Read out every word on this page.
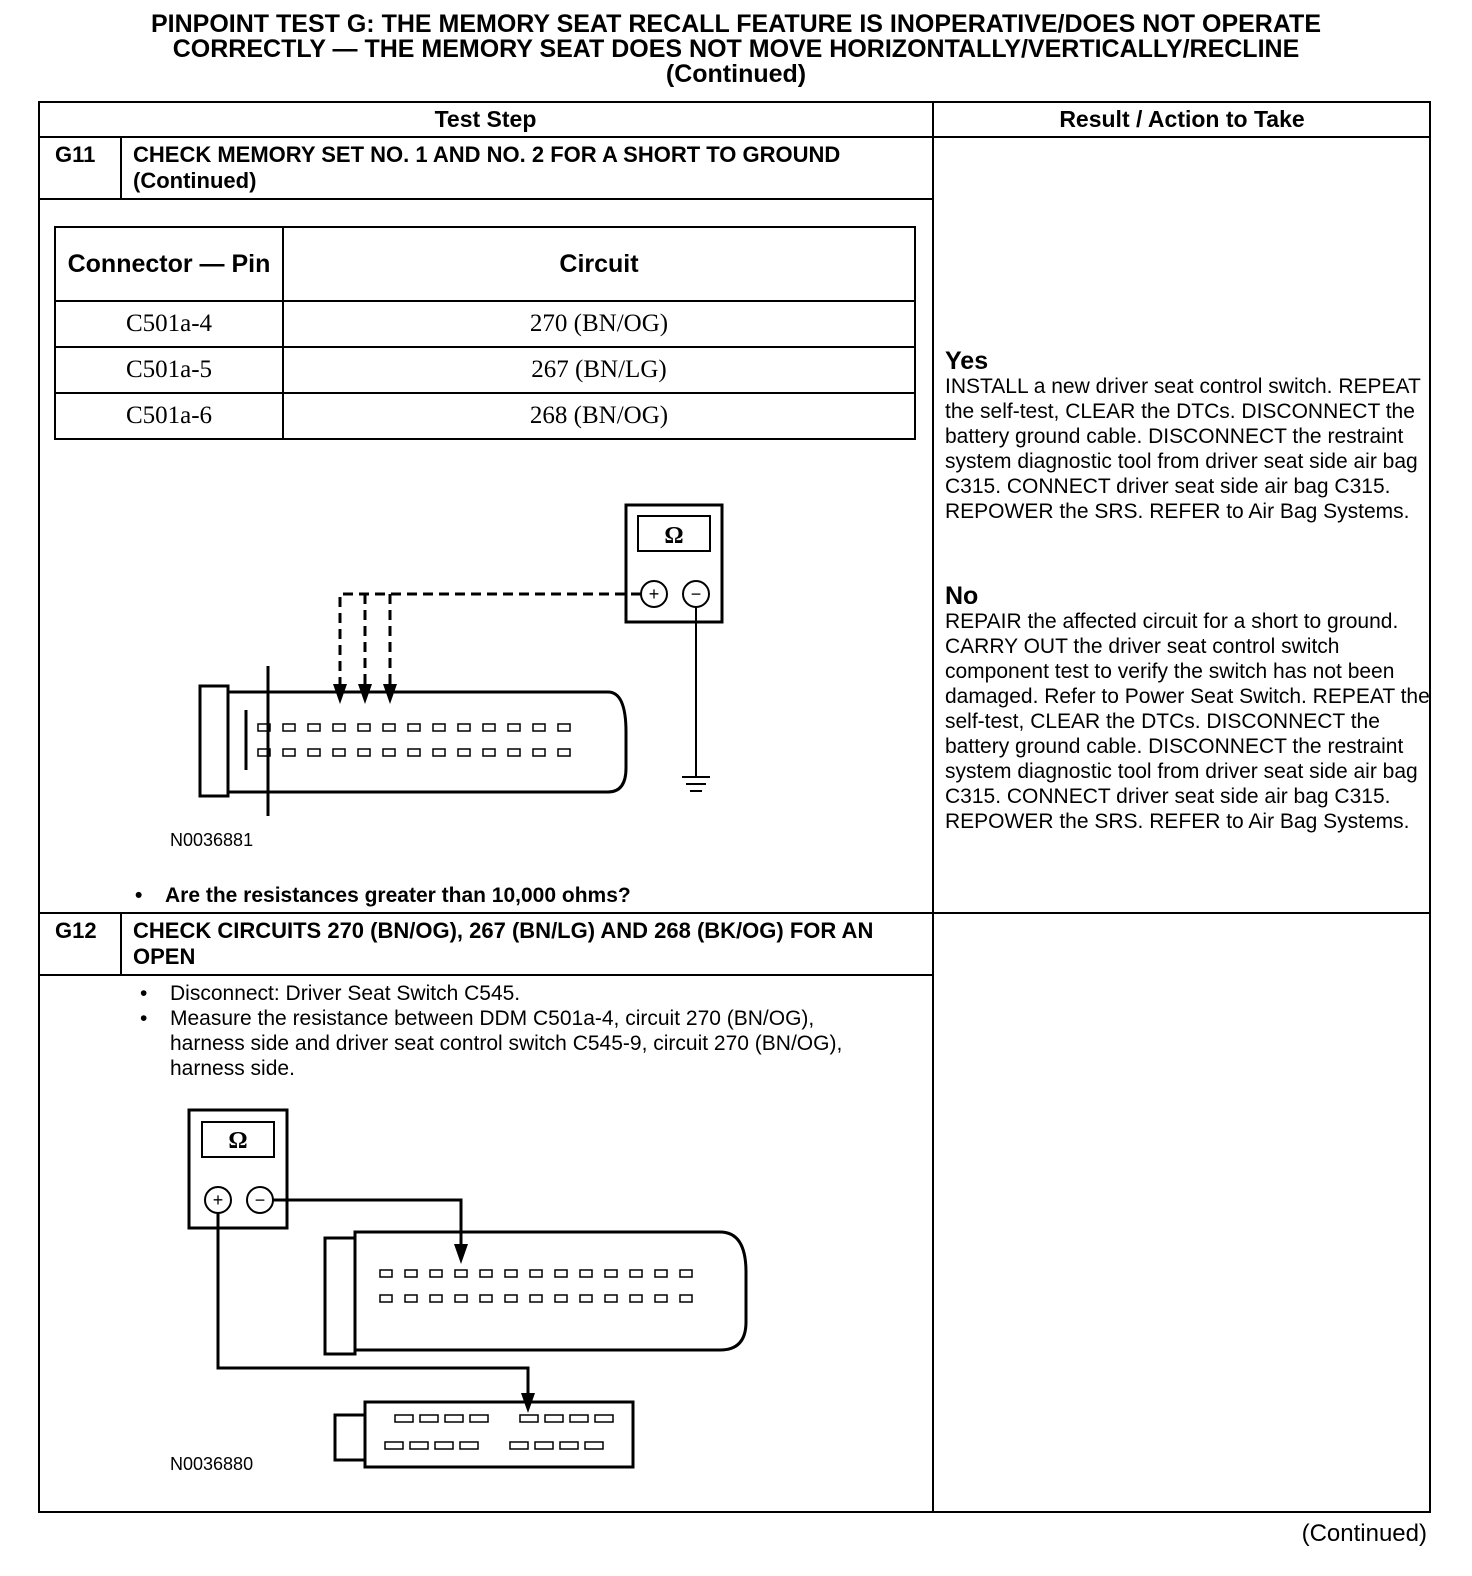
PINPOINT TEST G: THE MEMORY SEAT RECALL FEATURE IS INOPERATIVE/DOES NOT OPERATE
CORRECTLY — THE MEMORY SEAT DOES NOT MOVE HORIZONTALLY/VERTICALLY/RECLINE
(Continued)
Test Step	Result / Action to Take
G11 CHECK MEMORY SET NO. 1 AND NO. 2 FOR A SHORT TO GROUND (Continued)
Connector — Pin	Circuit
C501a-4	270 (BN/OG)
C501a-5	267 (BN/LG)
C501a-6	268 (BN/OG)
Ω
+ −
N0036881
• Are the resistances greater than 10,000 ohms?
Yes
INSTALL a new driver seat control switch. REPEAT the self-test, CLEAR the DTCs. DISCONNECT the battery ground cable. DISCONNECT the restraint system diagnostic tool from driver seat side air bag C315. CONNECT driver seat side air bag C315. REPOWER the SRS. REFER to Air Bag Systems.
No
REPAIR the affected circuit for a short to ground. CARRY OUT the driver seat control switch component test to verify the switch has not been damaged. Refer to Power Seat Switch. REPEAT the self-test, CLEAR the DTCs. DISCONNECT the battery ground cable. DISCONNECT the restraint system diagnostic tool from driver seat side air bag C315. CONNECT driver seat side air bag C315. REPOWER the SRS. REFER to Air Bag Systems.
G12 CHECK CIRCUITS 270 (BN/OG), 267 (BN/LG) AND 268 (BK/OG) FOR AN OPEN
• Disconnect: Driver Seat Switch C545.
• Measure the resistance between DDM C501a-4, circuit 270 (BN/OG), harness side and driver seat control switch C545-9, circuit 270 (BN/OG), harness side.
Ω
+ −
N0036880
(Continued)
